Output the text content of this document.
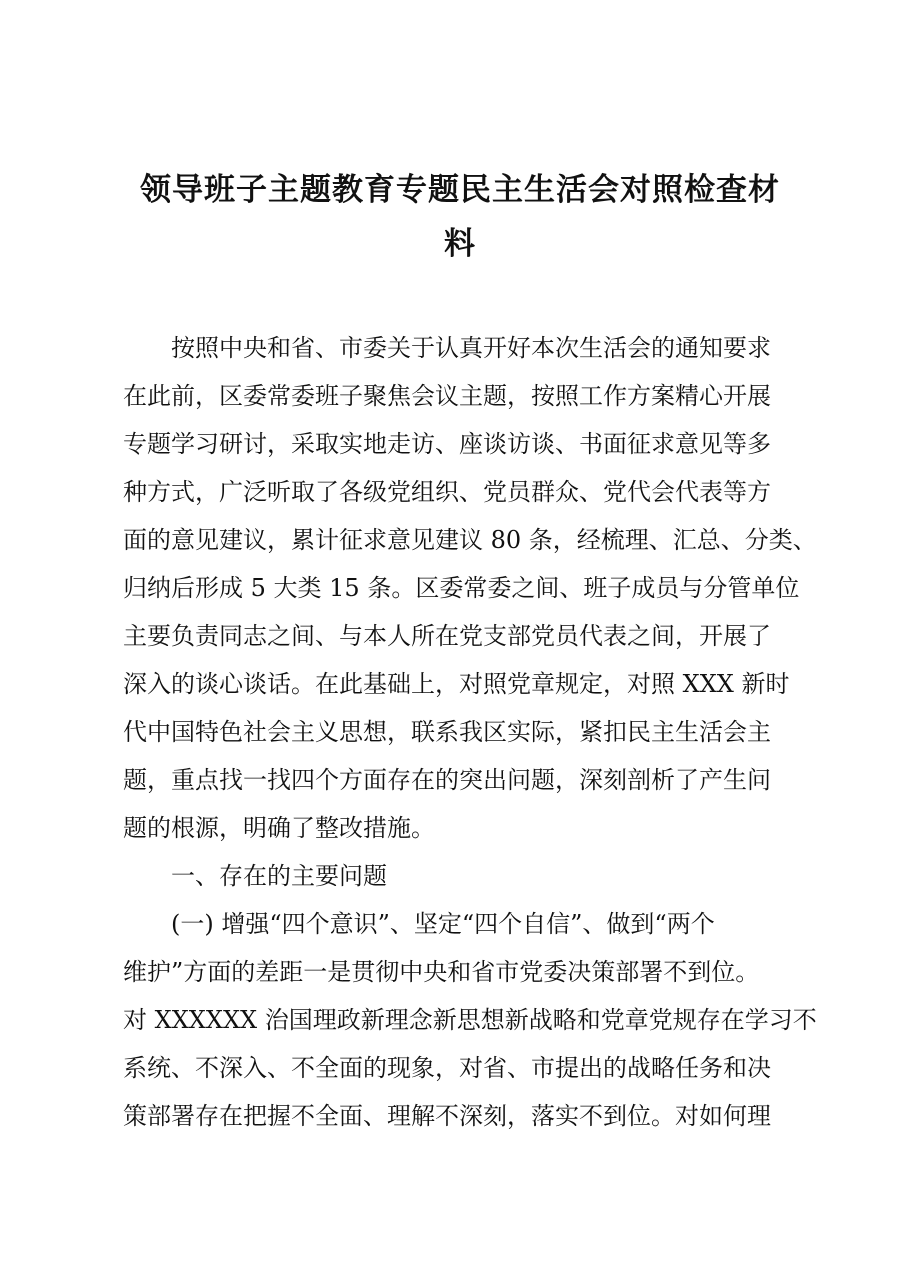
领导班子主题教育专题民主生活会对照检查材
料

按照中央和省、市委关于认真开好本次生活会的通知要求

在此前，区委常委班子聚焦会议主题，按照工作方案精心开展

专题学习研讨，采取实地走访、座谈访谈、书面征求意见等多

种方式，广泛听取了各级党组织、党员群众、党代会代表等方

面的意见建议，累计征求意见建议 80 条，经梳理、汇总、分类、

归纳后形成 5 大类 15 条。区委常委之间、班子成员与分管单位

主要负责同志之间、与本人所在党支部党员代表之间，开展了

深入的谈心谈话。在此基础上，对照党章规定，对照 XXX 新时

代中国特色社会主义思想，联系我区实际，紧扣民主生活会主

题，重点找一找四个方面存在的突出问题，深刻剖析了产生问

题的根源，明确了整改措施。

一、存在的主要问题

(一) 增强“四个意识”、坚定“四个自信”、做到“两个

维护”方面的差距一是贯彻中央和省市党委决策部署不到位。

对 XXXXXX 治国理政新理念新思想新战略和党章党规存在学习不

系统、不深入、不全面的现象，对省、市提出的战略任务和决

策部署存在把握不全面、理解不深刻，落实不到位。对如何理
